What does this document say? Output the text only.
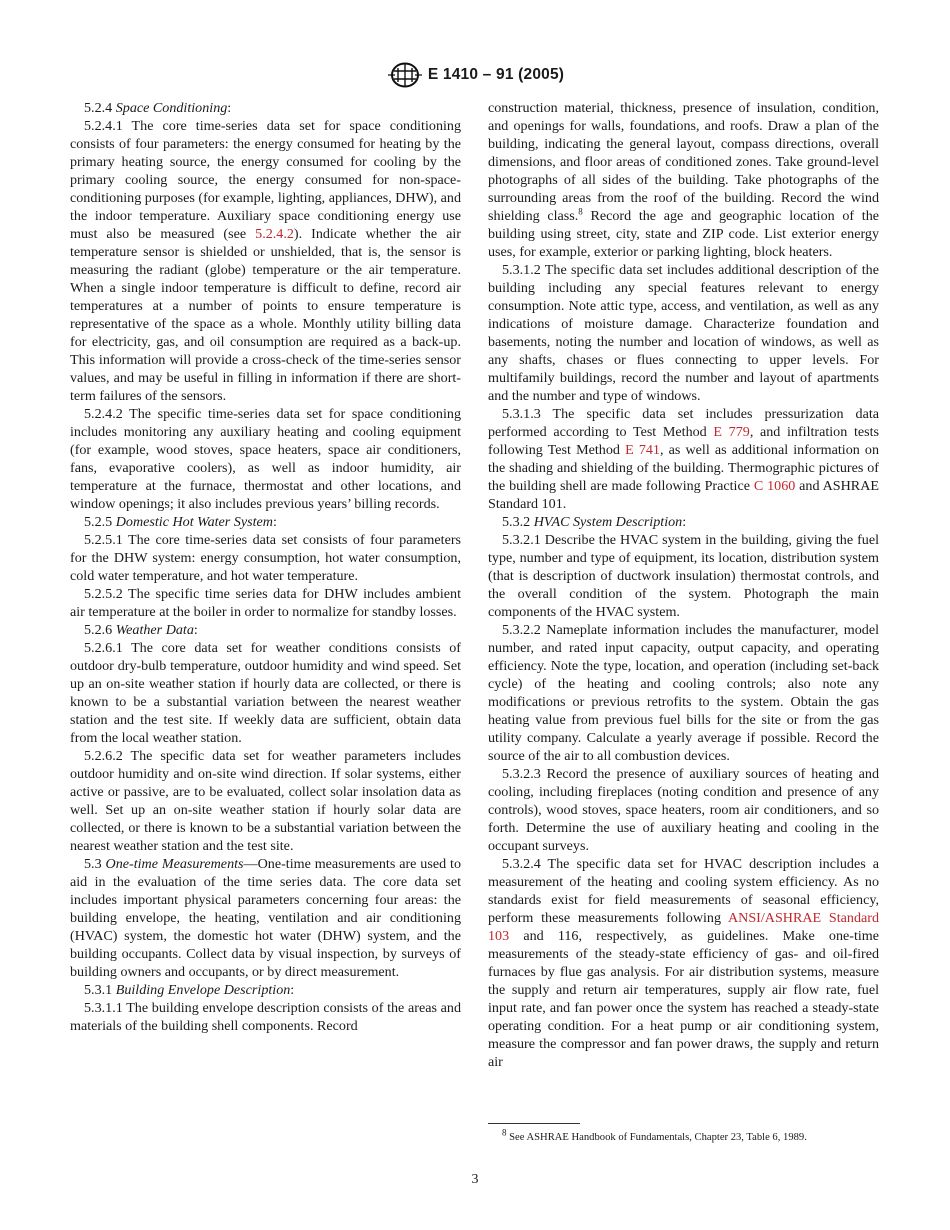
E 1410 – 91 (2005)

5.2.4 Space Conditioning:

5.2.4.1 The core time-series data set for space conditioning consists of four parameters: the energy consumed for heating by the primary heating source, the energy consumed for cooling by the primary cooling source, the energy consumed for non-space-conditioning purposes (for example, lighting, appliances, DHW), and the indoor temperature. Auxiliary space conditioning energy use must also be measured (see 5.2.4.2). Indicate whether the air temperature sensor is shielded or unshielded, that is, the sensor is measuring the radiant (globe) temperature or the air temperature. When a single indoor temperature is difficult to define, record air temperatures at a number of points to ensure temperature is representative of the space as a whole. Monthly utility billing data for electricity, gas, and oil consumption are required as a back-up. This information will provide a cross-check of the time-series sensor values, and may be useful in filling in information if there are short-term failures of the sensors.

5.2.4.2 The specific time-series data set for space conditioning includes monitoring any auxiliary heating and cooling equipment (for example, wood stoves, space heaters, space air conditioners, fans, evaporative coolers), as well as indoor humidity, air temperature at the furnace, thermostat and other locations, and window openings; it also includes previous years’ billing records.

5.2.5 Domestic Hot Water System:

5.2.5.1 The core time-series data set consists of four parameters for the DHW system: energy consumption, hot water consumption, cold water temperature, and hot water temperature.

5.2.5.2 The specific time series data for DHW includes ambient air temperature at the boiler in order to normalize for standby losses.

5.2.6 Weather Data:

5.2.6.1 The core data set for weather conditions consists of outdoor dry-bulb temperature, outdoor humidity and wind speed. Set up an on-site weather station if hourly data are collected, or there is known to be a substantial variation between the nearest weather station and the test site. If weekly data are sufficient, obtain data from the local weather station.

5.2.6.2 The specific data set for weather parameters includes outdoor humidity and on-site wind direction. If solar systems, either active or passive, are to be evaluated, collect solar insolation data as well. Set up an on-site weather station if hourly solar data are collected, or there is known to be a substantial variation between the nearest weather station and the test site.

5.3 One-time Measurements—One-time measurements are used to aid in the evaluation of the time series data. The core data set includes important physical parameters concerning four areas: the building envelope, the heating, ventilation and air conditioning (HVAC) system, the domestic hot water (DHW) system, and the building occupants. Collect data by visual inspection, by surveys of building owners and occupants, or by direct measurement.

5.3.1 Building Envelope Description:

5.3.1.1 The building envelope description consists of the areas and materials of the building shell components. Record

construction material, thickness, presence of insulation, condition, and openings for walls, foundations, and roofs. Draw a plan of the building, indicating the general layout, compass directions, overall dimensions, and floor areas of conditioned zones. Take ground-level photographs of all sides of the building. Take photographs of the surrounding areas from the roof of the building. Record the wind shielding class.$^8$ Record the age and geographic location of the building using street, city, state and ZIP code. List exterior energy uses, for example, exterior or parking lighting, block heaters.

5.3.1.2 The specific data set includes additional description of the building including any special features relevant to energy consumption. Note attic type, access, and ventilation, as well as any indications of moisture damage. Characterize foundation and basements, noting the number and location of windows, as well as any shafts, chases or flues connecting to upper levels. For multifamily buildings, record the number and layout of apartments and the number and type of windows.

5.3.1.3 The specific data set includes pressurization data performed according to Test Method E 779, and infiltration tests following Test Method E 741, as well as additional information on the shading and shielding of the building. Thermographic pictures of the building shell are made following Practice C 1060 and ASHRAE Standard 101.

5.3.2 HVAC System Description:

5.3.2.1 Describe the HVAC system in the building, giving the fuel type, number and type of equipment, its location, distribution system (that is description of ductwork insulation) thermostat controls, and the overall condition of the system. Photograph the main components of the HVAC system.

5.3.2.2 Nameplate information includes the manufacturer, model number, and rated input capacity, output capacity, and operating efficiency. Note the type, location, and operation (including set-back cycle) of the heating and cooling controls; also note any modifications or previous retrofits to the system. Obtain the gas heating value from previous fuel bills for the site or from the gas utility company. Calculate a yearly average if possible. Record the source of the air to all combustion devices.

5.3.2.3 Record the presence of auxiliary sources of heating and cooling, including fireplaces (noting condition and presence of any controls), wood stoves, space heaters, room air conditioners, and so forth. Determine the use of auxiliary heating and cooling in the occupant surveys.

5.3.2.4 The specific data set for HVAC description includes a measurement of the heating and cooling system efficiency. As no standards exist for field measurements of seasonal efficiency, perform these measurements following ANSI/ASHRAE Standard 103 and 116, respectively, as guidelines. Make one-time measurements of the steady-state efficiency of gas- and oil-fired furnaces by flue gas analysis. For air distribution systems, measure the supply and return air temperatures, supply air flow rate, fuel input rate, and fan power once the system has reached a steady-state operating condition. For a heat pump or air conditioning system, measure the compressor and fan power draws, the supply and return air

$^8$ See ASHRAE Handbook of Fundamentals, Chapter 23, Table 6, 1989.
3
